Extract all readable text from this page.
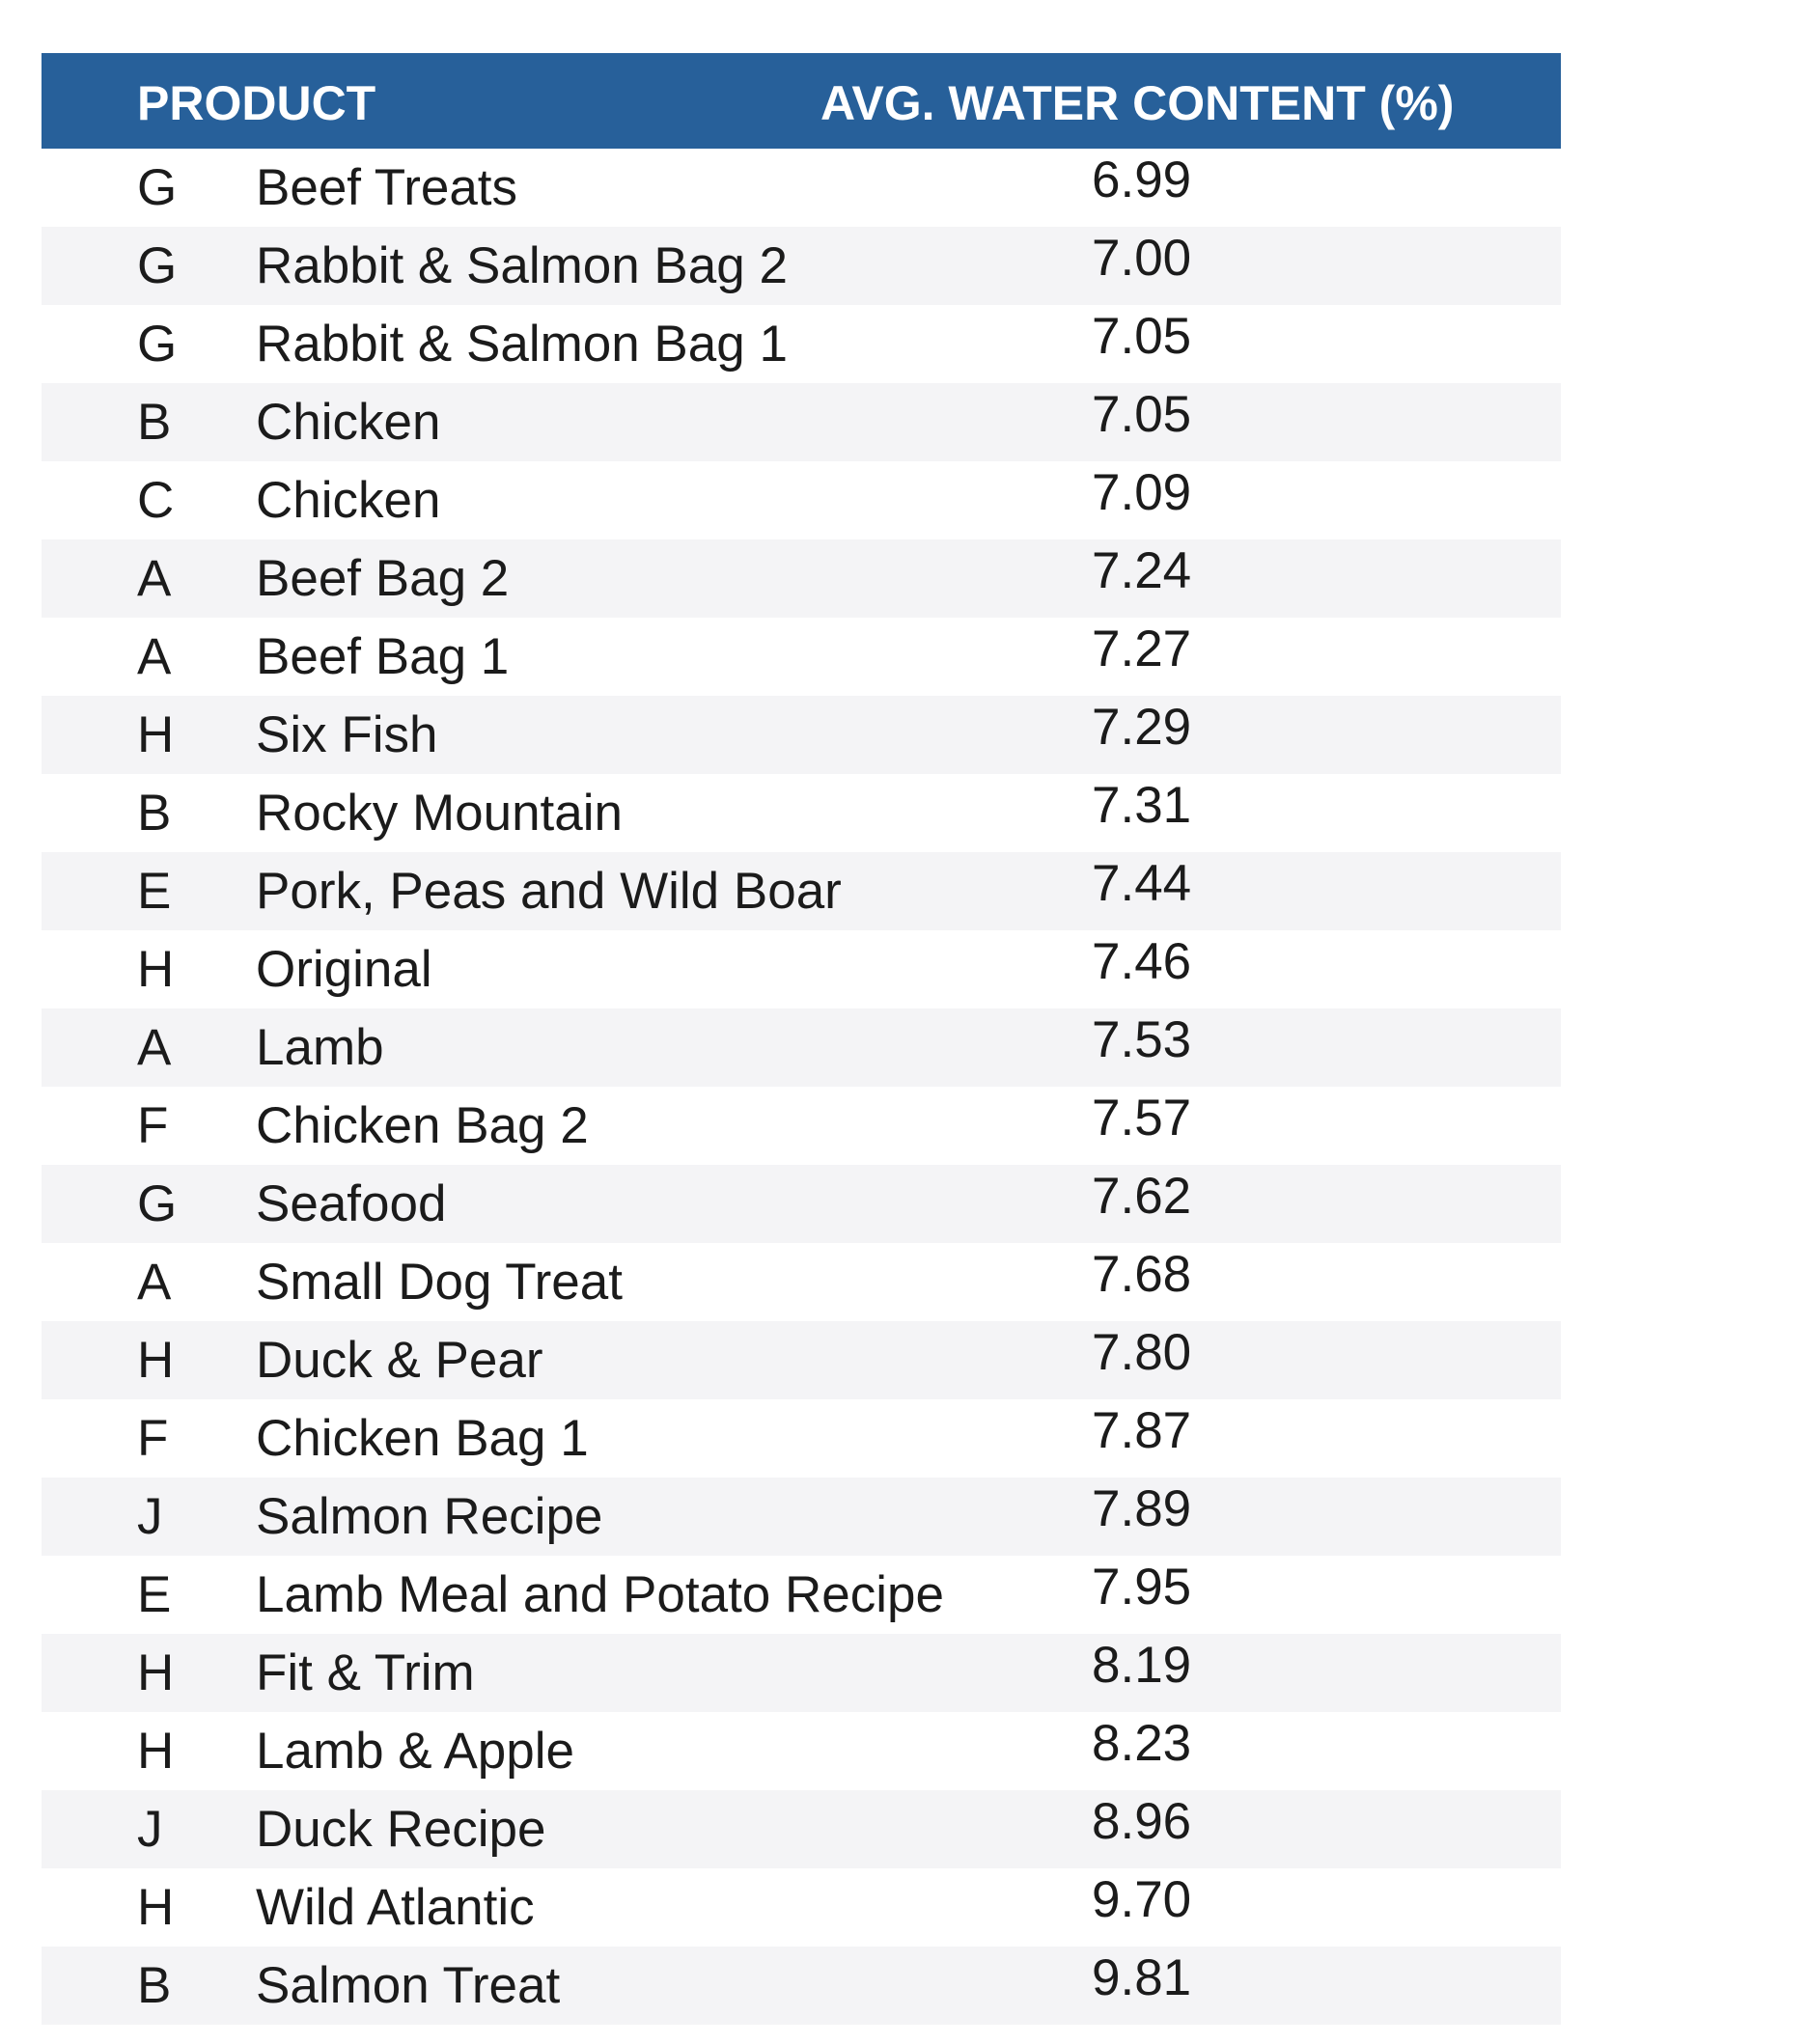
PRODUCT	AVG. WATER CONTENT (%)
G Beef Treats	6.99
G Rabbit & Salmon Bag 2	7.00
G Rabbit & Salmon Bag 1	7.05
B Chicken	7.05
C Chicken	7.09
A Beef Bag 2	7.24
A Beef Bag 1	7.27
H Six Fish	7.29
B Rocky Mountain	7.31
E Pork, Peas and Wild Boar	7.44
H Original	7.46
A Lamb	7.53
F Chicken Bag 2	7.57
G Seafood	7.62
A Small Dog Treat	7.68
H Duck & Pear	7.80
F Chicken Bag 1	7.87
J Salmon Recipe	7.89
E Lamb Meal and Potato Recipe	7.95
H Fit & Trim	8.19
H Lamb & Apple	8.23
J Duck Recipe	8.96
H Wild Atlantic	9.70
B Salmon Treat	9.81
